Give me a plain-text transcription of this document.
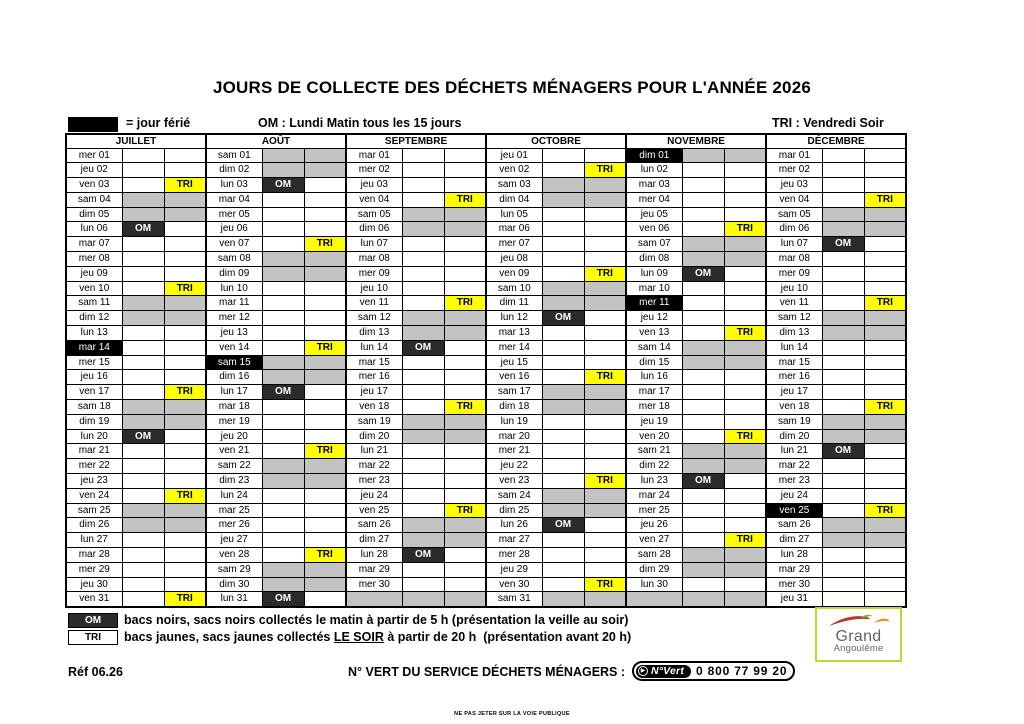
JOURS DE COLLECTE DES DÉCHETS MÉNAGERS POUR L'ANNÉE 2026
= jour férié	OM : Lundi Matin tous les 15 jours	TRI : Vendredi Soir
JUILLET			AOÛT			SEPTEMBRE			OCTOBRE			NOVEMBRE			DÉCEMBRE		
mer 01			sam 01			mar 01			jeu 01			dim 01			mar 01		
jeu 02			dim 02			mer 02			ven 02		TRI	lun 02			mer 02		
ven 03		TRI	lun 03	OM		jeu 03			sam 03			mar 03			jeu 03		
sam 04			mar 04			ven 04		TRI	dim 04			mer 04			ven 04		TRI
dim 05			mer 05			sam 05			lun 05			jeu 05			sam 05		
lun 06	OM		jeu 06			dim 06			mar 06			ven 06		TRI	dim 06		
mar 07			ven 07		TRI	lun 07			mer 07			sam 07			lun 07	OM	
mer 08			sam 08			mar 08			jeu 08			dim 08			mar 08		
jeu 09			dim 09			mer 09			ven 09		TRI	lun 09	OM		mer 09		
ven 10		TRI	lun 10			jeu 10			sam 10			mar 10			jeu 10		
sam 11			mar 11			ven 11		TRI	dim 11			mer 11			ven 11		TRI
dim 12			mer 12			sam 12			lun 12	OM		jeu 12			sam 12		
lun 13			jeu 13			dim 13			mar 13			ven 13		TRI	dim 13		
mar 14			ven 14		TRI	lun 14	OM		mer 14			sam 14			lun 14		
mer 15			sam 15			mar 15			jeu 15			dim 15			mar 15		
jeu 16			dim 16			mer 16			ven 16		TRI	lun 16			mer 16		
ven 17		TRI	lun 17	OM		jeu 17			sam 17			mar 17			jeu 17		
sam 18			mar 18			ven 18		TRI	dim 18			mer 18			ven 18		TRI
dim 19			mer 19			sam 19			lun 19			jeu 19			sam 19		
lun 20	OM		jeu 20			dim 20			mar 20			ven 20		TRI	dim 20		
mar 21			ven 21		TRI	lun 21			mer 21			sam 21			lun 21	OM	
mer 22			sam 22			mar 22			jeu 22			dim 22			mar 22		
jeu 23			dim 23			mer 23			ven 23		TRI	lun 23	OM		mer 23		
ven 24		TRI	lun 24			jeu 24			sam 24			mar 24			jeu 24		
sam 25			mar 25			ven 25		TRI	dim 25			mer 25			ven 25		TRI
dim 26			mer 26			sam 26			lun 26	OM		jeu 26			sam 26		
lun 27			jeu 27			dim 27			mar 27			ven 27		TRI	dim 27		
mar 28			ven 28		TRI	lun 28	OM		mer 28			sam 28			lun 28		
mer 29			sam 29			mar 29			jeu 29			dim 29			mar 29		
jeu 30			dim 30			mer 30			ven 30		TRI	lun 30			mer 30		
ven 31		TRI	lun 31	OM					sam 31						jeu 31		
OM	bacs noirs, sacs noirs collectés le matin à partir de 5 h (présentation la veille au soir)
TRI	bacs jaunes, sacs jaunes collectés LE SOIR à partir de 20 h  (présentation avant 20 h)
Réf 06.26	N° VERT DU SERVICE DÉCHETS MÉNAGERS :	▶ N°Vert 0 800 77 99 20
Grand
Angoulême
NE PAS JETER SUR LA VOIE PUBLIQUE
